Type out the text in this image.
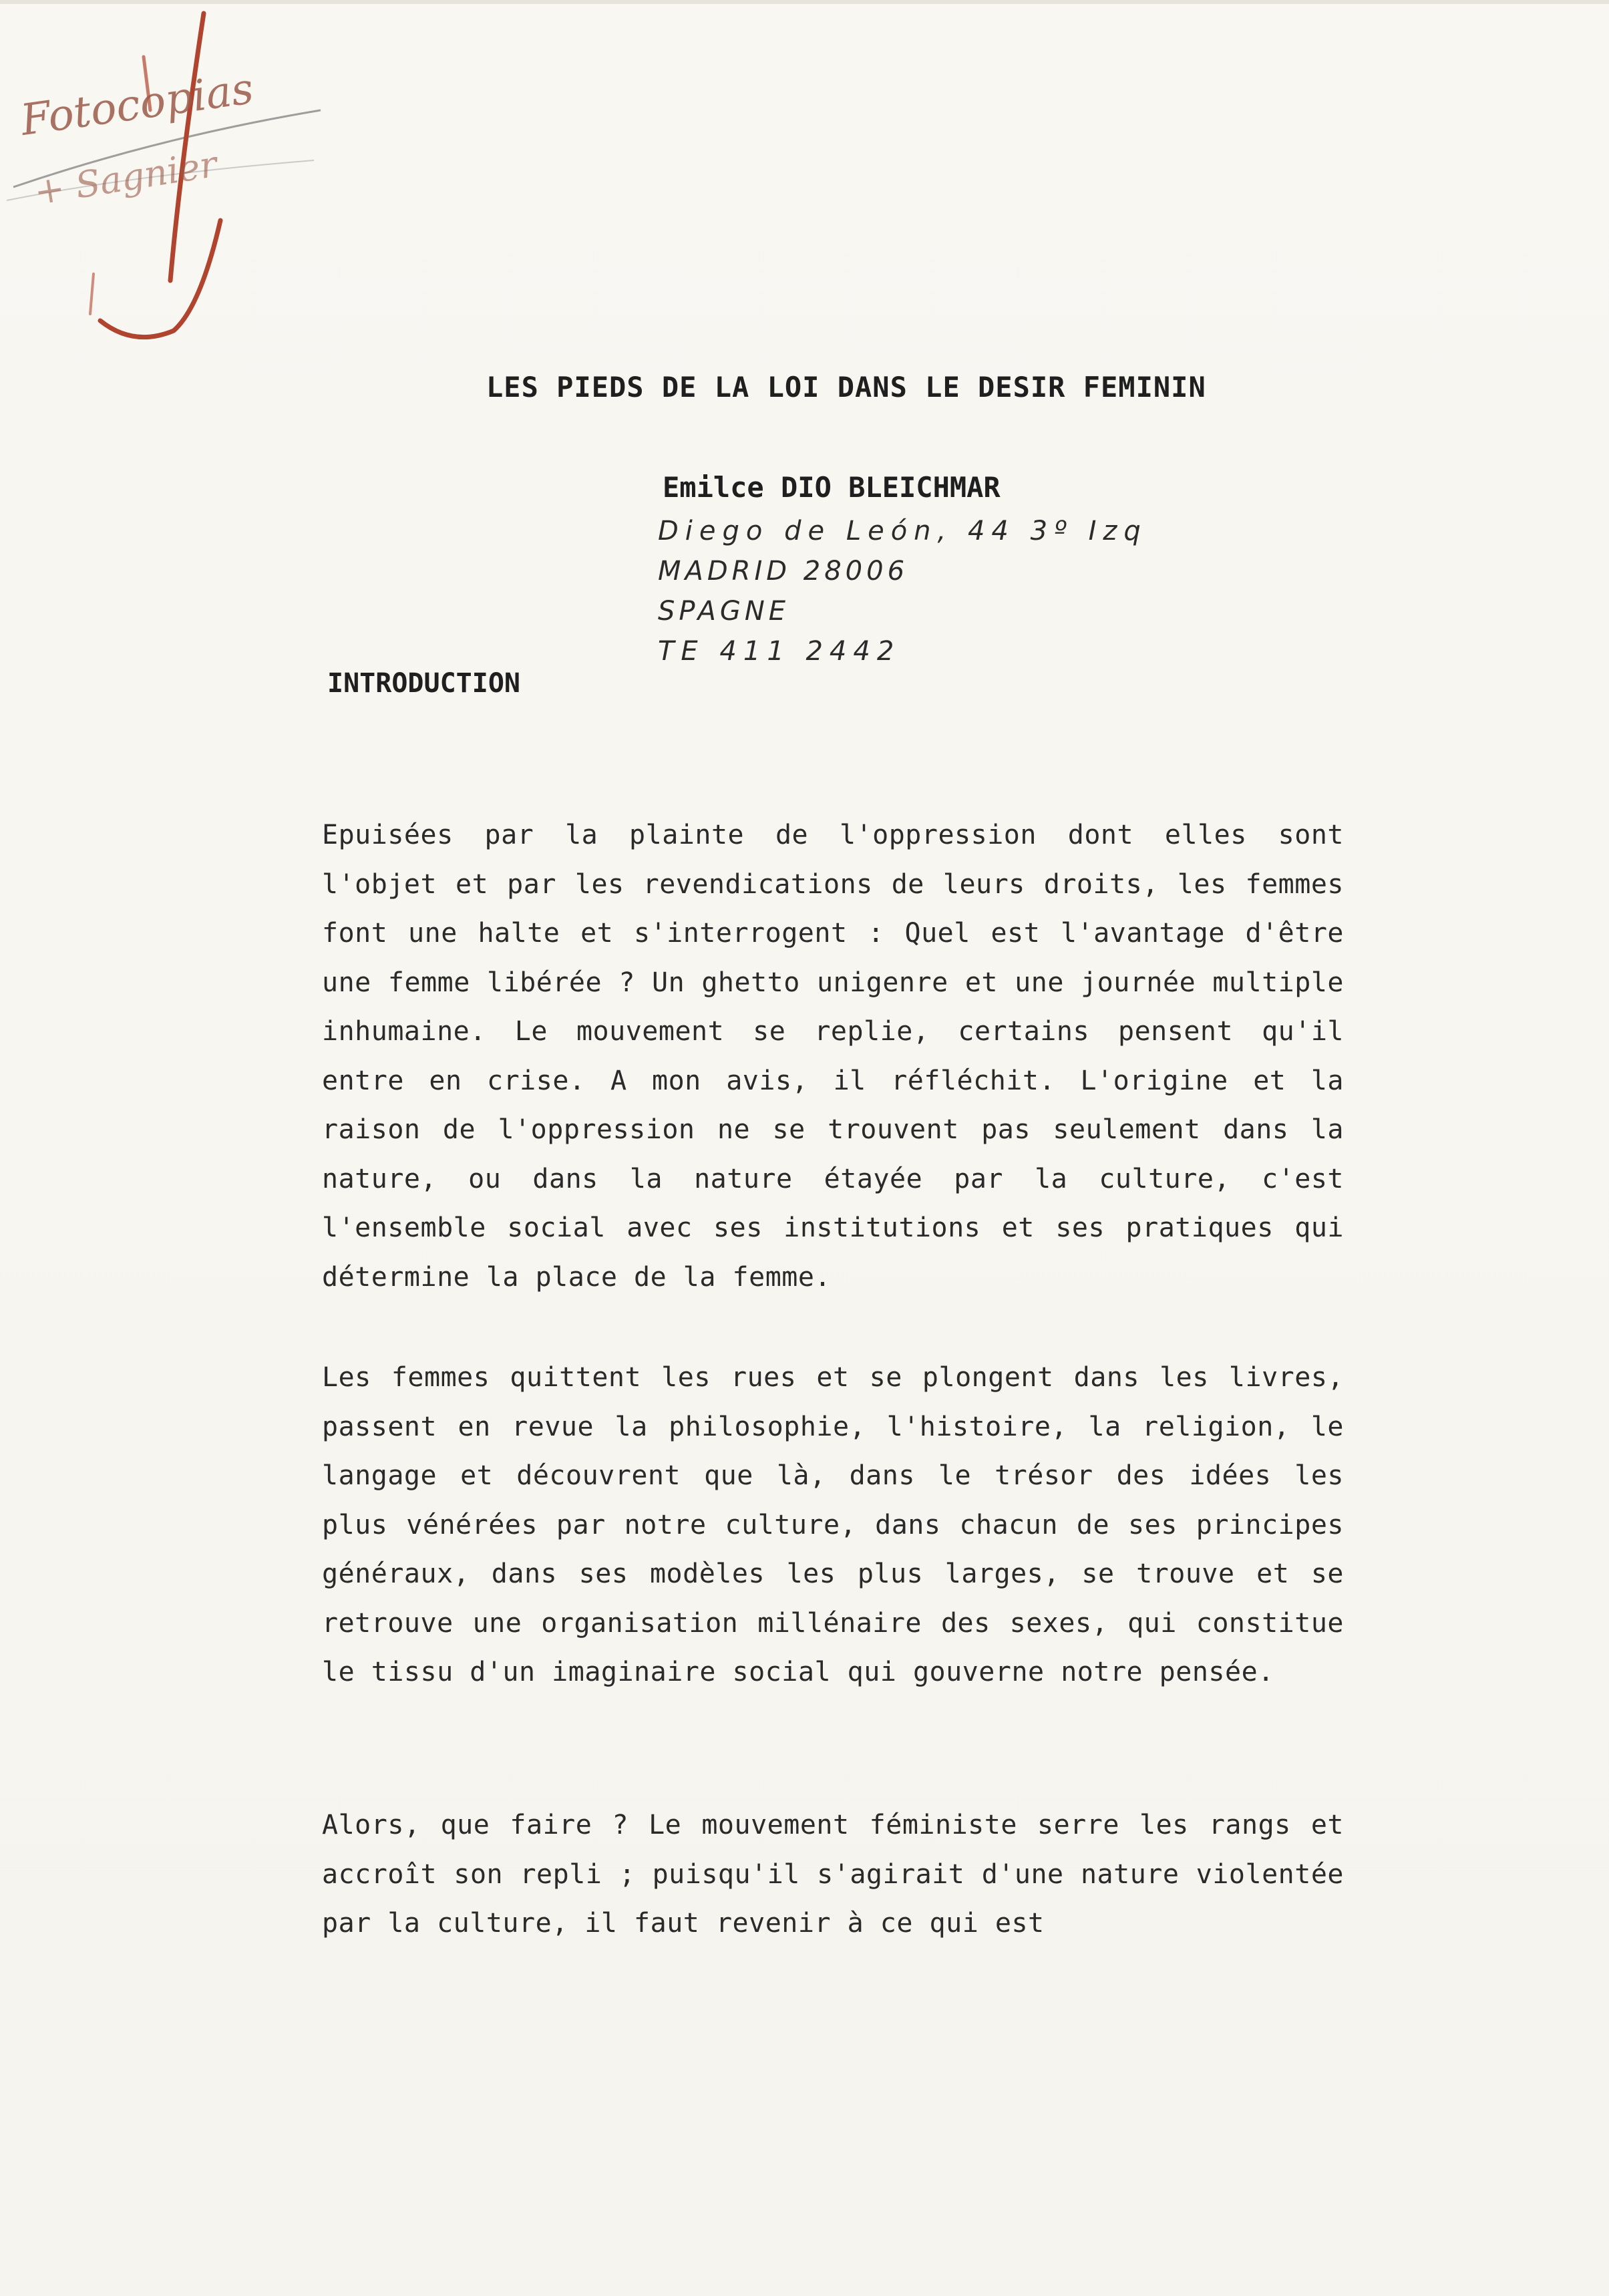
Fotocopias
+ Sagnier
LES PIEDS DE LA LOI DANS LE DESIR FEMININ
Emilce DIO BLEICHMAR
Diego de León, 44 3º Izq
MADRID 28006
SPAGNE
TE 411 2442
INTRODUCTION

Epuisées par la plainte de l'oppression dont elles sont l'objet et par les revendications de leurs droits, les femmes font une halte et s'interrogent : Quel est l'avantage d'être une femme libérée ? Un ghetto unigenre et une journée multiple inhumaine. Le mouvement se replie, certains pensent qu'il entre en crise. A mon avis, il réfléchit. L'origine et la raison de l'oppression ne se trouvent pas seulement dans la nature, ou dans la nature étayée par la culture, c'est l'ensemble social avec ses institutions et ses pratiques qui détermine la place de la femme.

Les femmes quittent les rues et se plongent dans les livres, passent en revue la philosophie, l'histoire, la religion, le langage et découvrent que là, dans le trésor des idées les plus vénérées par notre culture, dans chacun de ses principes généraux, dans ses modèles les plus larges, se trouve et se retrouve une organisation millénaire des sexes, qui constitue le tissu d'un imaginaire social qui gouverne notre pensée.

Alors, que faire ? Le mouvement féministe serre les rangs et accroît son repli ; puisqu'il s'agirait d'une nature violentée par la culture, il faut revenir à ce qui est
